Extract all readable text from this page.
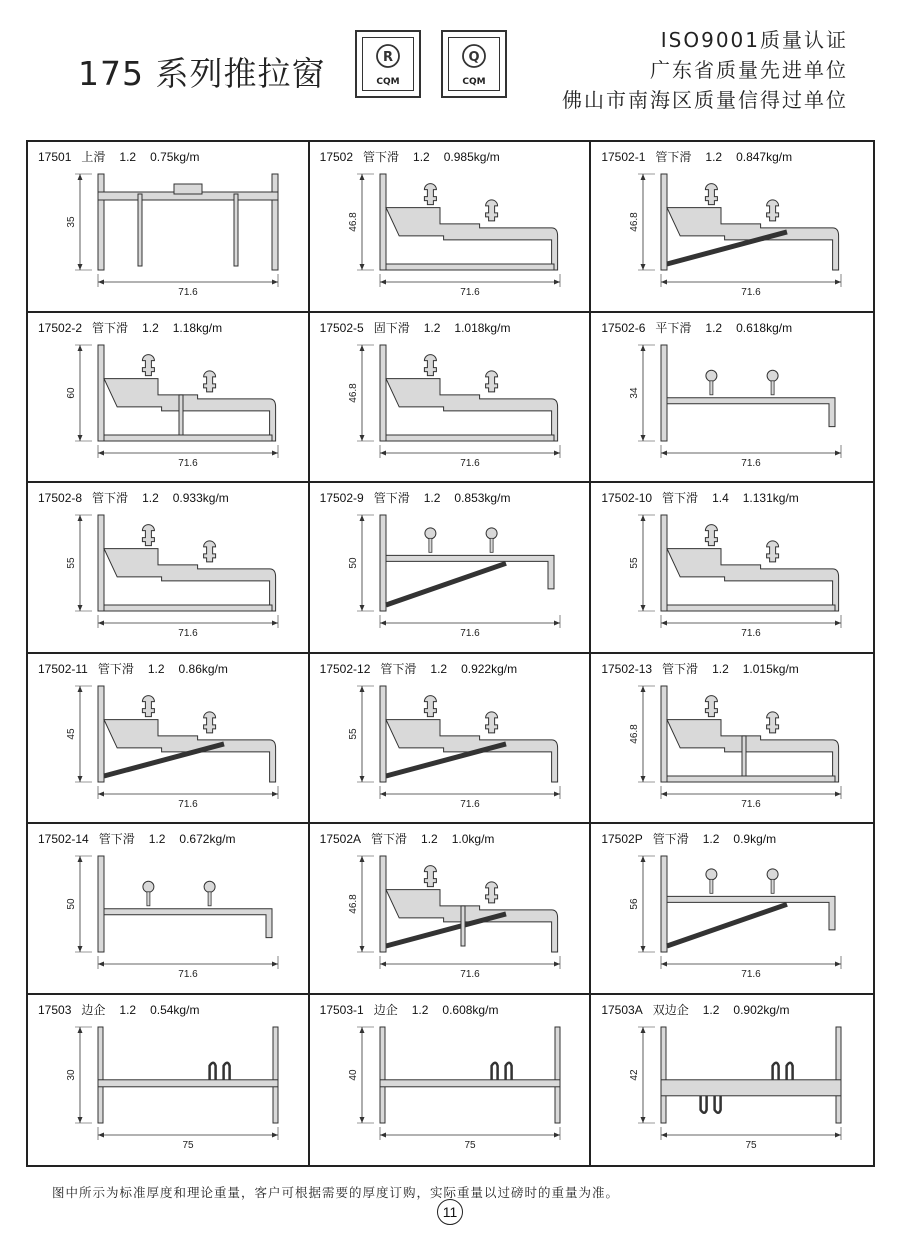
175 系列推拉窗	R
CQM
Q
CQM
ISO9001质量认证
广东省质量先进单位
佛山市南海区质量信得过单位
17501 上滑 1.2 0.75kg/m
35
71.6
17502 管下滑 1.2 0.985kg/m
46.8
71.6
17502-1 管下滑 1.2 0.847kg/m
46.8
71.6
17502-2 管下滑 1.2 1.18kg/m
60
71.6
17502-5 固下滑 1.2 1.018kg/m
46.8
71.6
17502-6 平下滑 1.2 0.618kg/m
34
71.6
17502-8 管下滑 1.2 0.933kg/m
55
71.6
17502-9 管下滑 1.2 0.853kg/m
50
71.6
17502-10 管下滑 1.4 1.131kg/m
55
71.6
17502-11 管下滑 1.2 0.86kg/m
45
71.6
17502-12 管下滑 1.2 0.922kg/m
55
71.6
17502-13 管下滑 1.2 1.015kg/m
46.8
71.6
17502-14 管下滑 1.2 0.672kg/m
50
71.6
17502A 管下滑 1.2 1.0kg/m
46.8
71.6
17502P 管下滑 1.2 0.9kg/m
56
71.6
17503 边企 1.2 0.54kg/m
30
75
17503-1 边企 1.2 0.608kg/m
40
75
17503A 双边企 1.2 0.902kg/m
42
75
图中所示为标准厚度和理论重量，客户可根据需要的厚度订购，实际重量以过磅时的重量为准。
11
